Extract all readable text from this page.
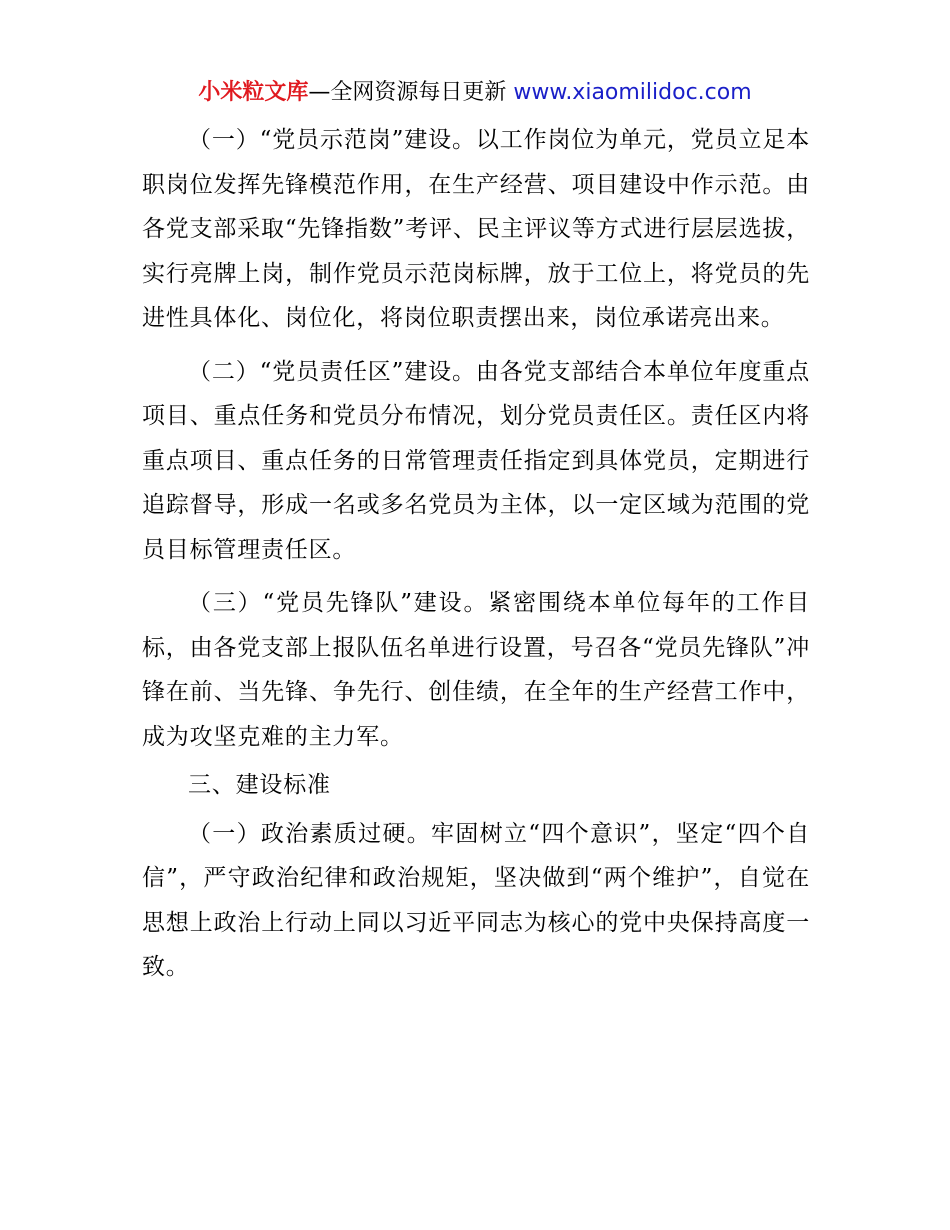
小米粒文库—全网资源每日更新 www.xiaomilidoc.com

（一）“党员示范岗”建设。以工作岗位为单元，党员立足本职岗位发挥先锋模范作用，在生产经营、项目建设中作示范。由各党支部采取“先锋指数”考评、民主评议等方式进行层层选拔，实行亮牌上岗，制作党员示范岗标牌，放于工位上，将党员的先进性具体化、岗位化，将岗位职责摆出来，岗位承诺亮出来。

（二）“党员责任区”建设。由各党支部结合本单位年度重点项目、重点任务和党员分布情况，划分党员责任区。责任区内将重点项目、重点任务的日常管理责任指定到具体党员，定期进行追踪督导，形成一名或多名党员为主体，以一定区域为范围的党员目标管理责任区。

（三）“党员先锋队”建设。紧密围绕本单位每年的工作目标，由各党支部上报队伍名单进行设置，号召各“党员先锋队”冲锋在前、当先锋、争先行、创佳绩，在全年的生产经营工作中，成为攻坚克难的主力军。

三、建设标准

（一）政治素质过硬。牢固树立“四个意识”，坚定“四个自信”，严守政治纪律和政治规矩，坚决做到“两个维护”，自觉在思想上政治上行动上同以习近平同志为核心的党中央保持高度一致。
